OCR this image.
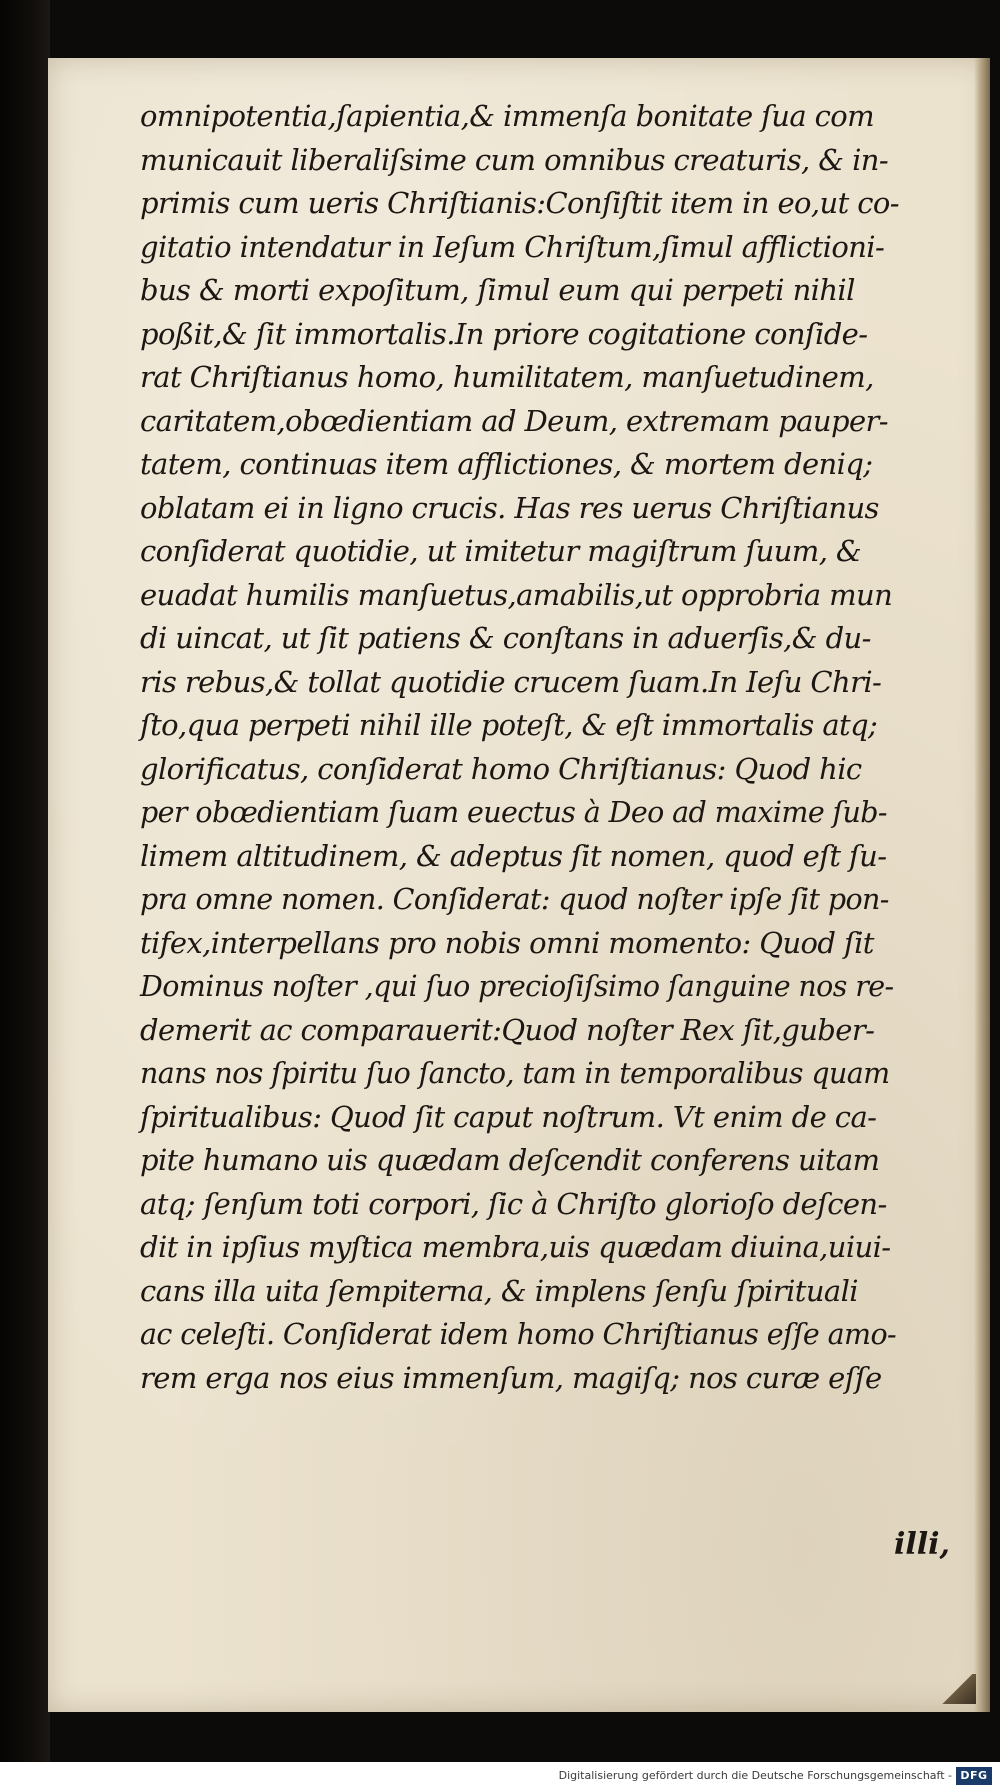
omnipotentia,ſapientia,& immenſa bonitate ſua com
municauit liberaliſsime cum omnibus creaturis, & in-
primis cum ueris Chriſtianis:Conſiſtit item in eo,ut co-
gitatio intendatur in Ieſum Chriſtum,ſimul afflictioni-
bus & morti expoſitum, ſimul eum qui perpeti nihil
poßit,& ſit immortalis.In priore cogitatione conſide-
rat Chriſtianus homo, humilitatem, manſuetudinem,
caritatem,obœdientiam ad Deum, extremam pauper-
tatem, continuas item afflictiones, & mortem deniq;
oblatam ei in ligno crucis. Has res uerus Chriſtianus
conſiderat quotidie, ut imitetur magiſtrum ſuum, &
euadat humilis manſuetus,amabilis,ut opprobria mun
di uincat, ut ſit patiens & conſtans in aduerſis,& du-
ris rebus,& tollat quotidie crucem ſuam.In Ieſu Chri-
ſto,qua perpeti nihil ille poteſt, & eſt immortalis atq;
glorificatus, conſiderat homo Chriſtianus: Quod hic
per obœdientiam ſuam euectus à Deo ad maxime ſub-
limem altitudinem, & adeptus ſit nomen, quod eſt ſu-
pra omne nomen. Conſiderat: quod noſter ipſe ſit pon-
tifex,interpellans pro nobis omni momento: Quod ſit
Dominus noſter ,qui ſuo precioſiſsimo ſanguine nos re-
demerit ac comparauerit:Quod noſter Rex ſit,guber-
nans nos ſpiritu ſuo ſancto, tam in temporalibus quam
ſpiritualibus: Quod ſit caput noſtrum. Vt enim de ca-
pite humano uis quædam deſcendit conferens uitam
atq; ſenſum toti corpori, ſic à Chriſto glorioſo deſcen-
dit in ipſius myſtica membra,uis quædam diuina,uiui-
cans illa uita ſempiterna, & implens ſenſu ſpirituali
ac celeſti. Conſiderat idem homo Chriſtianus eſſe amo-
rem erga nos eius immenſum, magiſq; nos curæ eſſe
illi,
Digitalisierung gefördert durch die Deutsche Forschungsgemeinschaft - DFG
